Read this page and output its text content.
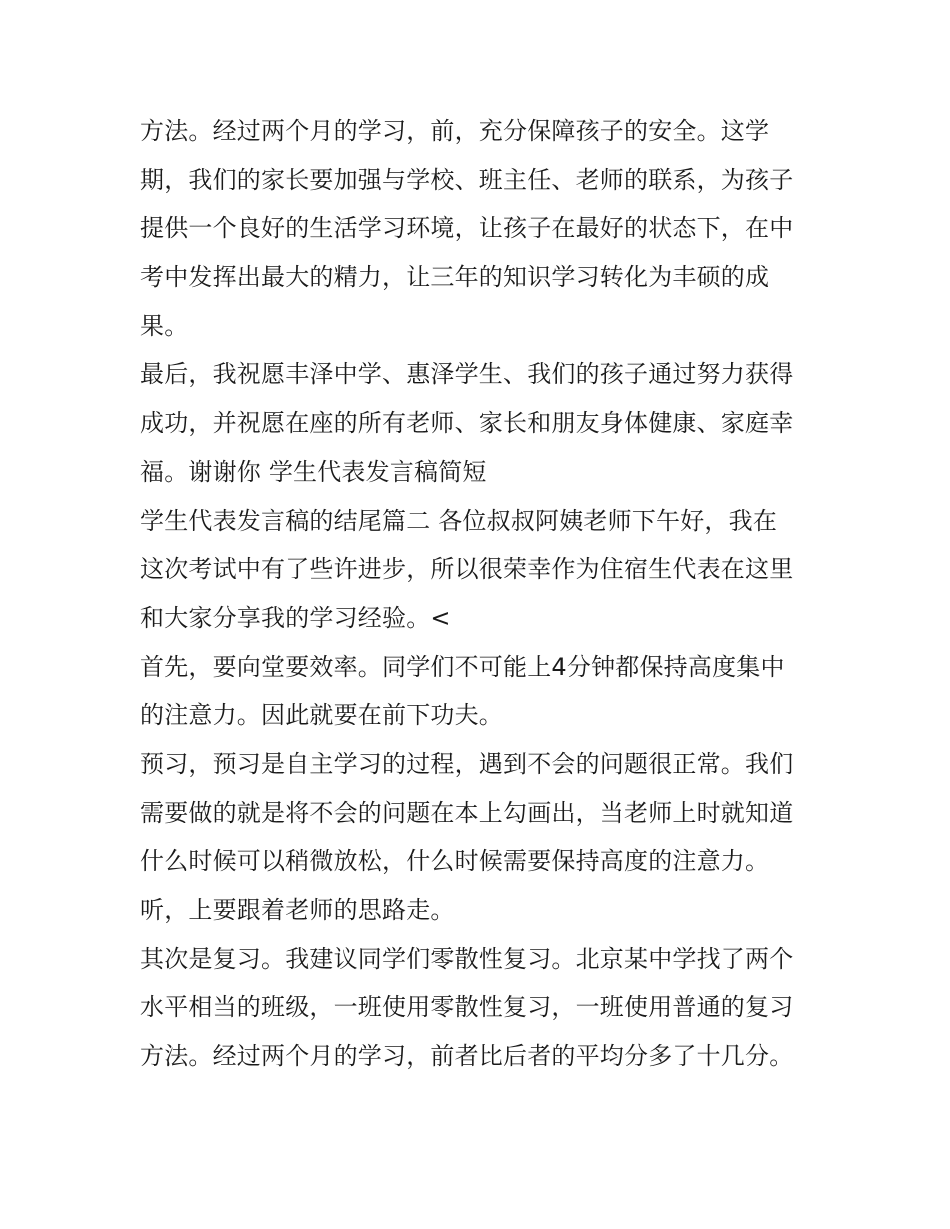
方法。经过两个月的学习，前，充分保障孩子的安全。这学
期，我们的家长要加强与学校、班主任、老师的联系，为孩子
提供一个良好的生活学习环境，让孩子在最好的状态下，在中
考中发挥出最大的精力，让三年的知识学习转化为丰硕的成
果。
最后，我祝愿丰泽中学、惠泽学生、我们的孩子通过努力获得
成功，并祝愿在座的所有老师、家长和朋友身体健康、家庭幸
福。谢谢你 学生代表发言稿简短
学生代表发言稿的结尾篇二 各位叔叔阿姨老师下午好，我在
这次考试中有了些许进步，所以很荣幸作为住宿生代表在这里
和大家分享我的学习经验。<
首先，要向堂要效率。同学们不可能上4分钟都保持高度集中
的注意力。因此就要在前下功夫。
预习，预习是自主学习的过程，遇到不会的问题很正常。我们
需要做的就是将不会的问题在本上勾画出，当老师上时就知道
什么时候可以稍微放松，什么时候需要保持高度的注意力。
听，上要跟着老师的思路走。
其次是复习。我建议同学们零散性复习。北京某中学找了两个
水平相当的班级，一班使用零散性复习，一班使用普通的复习
方法。经过两个月的学习，前者比后者的平均分多了十几分。
